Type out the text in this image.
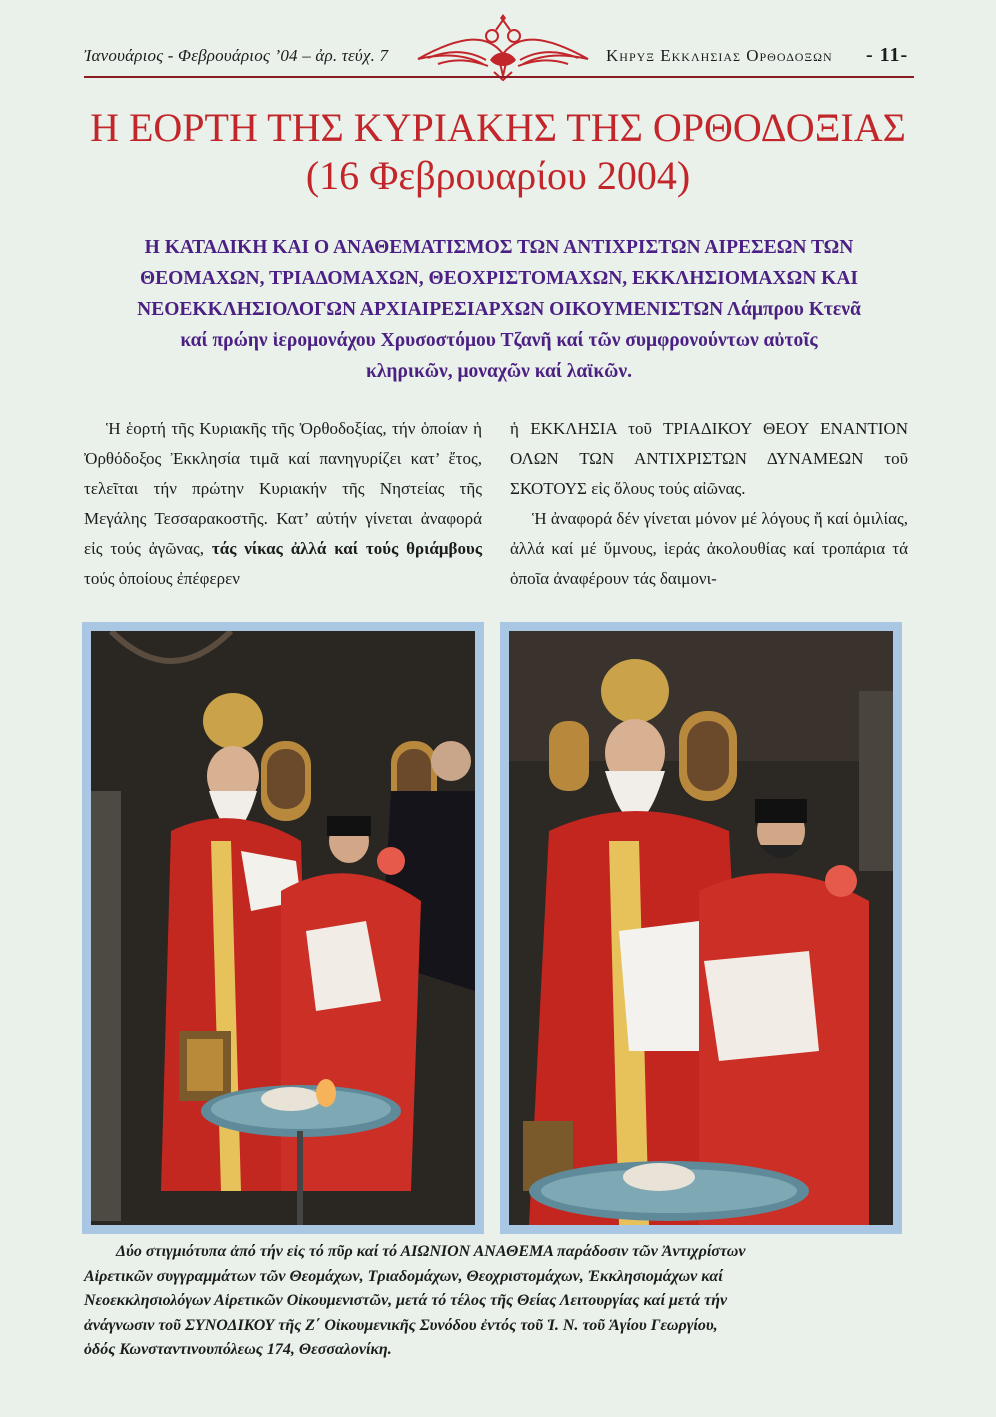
Ἰανουάριος - Φεβρουάριος ’04 – ἀρ. τεύχ. 7	Κηρυξ Εκκλησιας Ορθοδοξων - 11-
Η ΕΟΡΤΗ ΤΗΣ ΚΥΡΙΑΚΗΣ ΤΗΣ ΟΡΘΟΔΟΞΙΑΣ
(16 Φεβρουαρίου 2004)
Η ΚΑΤΑΔΙΚΗ ΚΑΙ Ο ΑΝΑΘΕΜΑΤΙΣΜΟΣ ΤΩΝ ΑΝΤΙΧΡΙΣΤΩΝ ΑΙΡΕΣΕΩΝ ΤΩΝ
ΘΕΟΜΑΧΩΝ, ΤΡΙΑΔΟΜΑΧΩΝ, ΘΕΟΧΡΙΣΤΟΜΑΧΩΝ, ΕΚΚΛΗΣΙΟΜΑΧΩΝ ΚΑΙ
ΝΕΟΕΚΚΛΗΣΙΟΛΟΓΩΝ ΑΡΧΙΑΙΡΕΣΙΑΡΧΩΝ ΟΙΚΟΥΜΕΝΙΣΤΩΝ Λάμπρου Κτενᾶ
καί πρώην ἱερομονάχου Χρυσοστόμου Τζανῆ καί τῶν συμφρονούντων αὐτοῖς
κληρικῶν, μοναχῶν καί λαϊκῶν.

Ἡ ἑορτή τῆς Κυριακῆς τῆς Ὀρθοδοξίας, τήν ὁποίαν ἡ Ὀρθόδοξος Ἐκκλησία τιμᾶ καί πανηγυρίζει κατ’ ἔτος, τελεῖται τήν πρώτην Κυριακήν τῆς Νηστείας τῆς Μεγάλης Τεσσαρακοστῆς. Κατ’ αὐτήν γίνεται ἀναφορά εἰς τούς ἀγῶνας, τάς νίκας ἀλλά καί τούς θριάμβους τούς ὁποίους ἐπέφερεν

ἡ ΕΚΚΛΗΣΙΑ τοῦ ΤΡΙΑΔΙΚΟΥ ΘΕΟΥ ΕΝΑΝΤΙΟΝ ΟΛΩΝ ΤΩΝ ΑΝΤΙΧΡΙΣΤΩΝ ΔΥΝΑΜΕΩΝ τοῦ ΣΚΟΤΟΥΣ εἰς ὅλους τούς αἰῶνας.

Ἡ ἀναφορά δέν γίνεται μόνον μέ λόγους ἤ καί ὁμιλίας, ἀλλά καί μέ ὕμνους, ἱεράς ἀκολουθίας καί τροπάρια τά ὁποῖα ἀναφέρουν τάς δαιμονι-

Δύο στιγμιότυπα ἀπό τήν εἰς τό πῦρ καί τό ΑΙΩΝΙΟΝ ΑΝΑΘΕΜΑ παράδοσιν τῶν Ἀντιχρίστων
Αἱρετικῶν συγγραμμάτων τῶν Θεομάχων, Τριαδομάχων, Θεοχριστομάχων, Ἐκκλησιομάχων καί
Νεοεκκλησιολόγων Αἱρετικῶν Οἰκουμενιστῶν, μετά τό τέλος τῆς Θείας Λειτουργίας καί μετά τήν
ἀνάγνωσιν τοῦ ΣΥΝΟΔΙΚΟΥ τῆς Ζ΄ Οἰκουμενικῆς Συνόδου ἐντός τοῦ Ἱ. Ν. τοῦ Ἁγίου Γεωργίου,
ὁδός Κωνσταντινουπόλεως 174, Θεσσαλονίκη.
